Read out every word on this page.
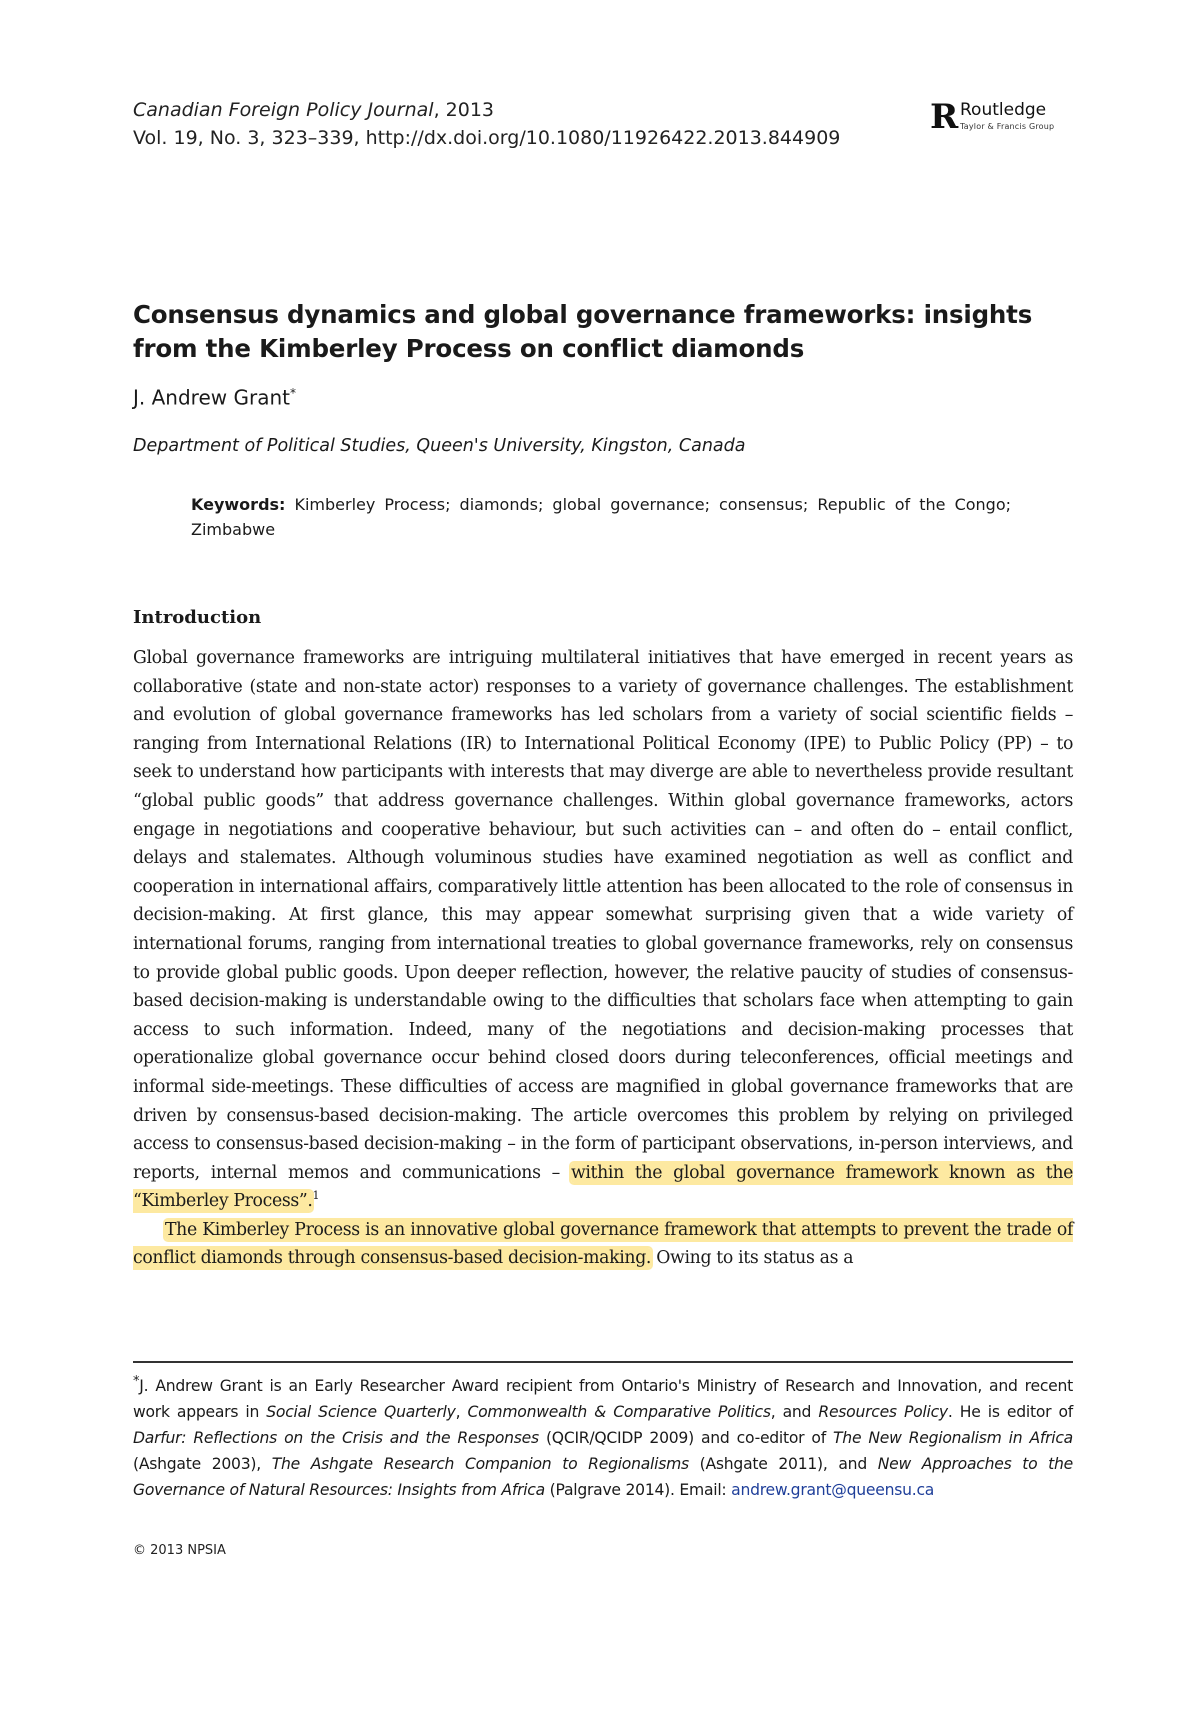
Canadian Foreign Policy Journal, 2013
Vol. 19, No. 3, 323–339, http://dx.doi.org/10.1080/11926422.2013.844909
R Routledge
Taylor & Francis Group
Consensus dynamics and global governance frameworks: insights from the Kimberley Process on conflict diamonds
J. Andrew Grant*
Department of Political Studies, Queen's University, Kingston, Canada
Keywords: Kimberley Process; diamonds; global governance; consensus; Republic of the Congo; Zimbabwe
Introduction

Global governance frameworks are intriguing multilateral initiatives that have emerged in recent years as collaborative (state and non-state actor) responses to a variety of governance challenges. The establishment and evolution of global governance frameworks has led scholars from a variety of social scientific fields – ranging from International Relations (IR) to International Political Economy (IPE) to Public Policy (PP) – to seek to understand how participants with interests that may diverge are able to nevertheless provide resultant “global public goods” that address governance challenges. Within global governance frameworks, actors engage in negotiations and cooperative behaviour, but such activities can – and often do – entail conflict, delays and stalemates. Although voluminous studies have examined negotiation as well as conflict and cooperation in international affairs, comparatively little attention has been allocated to the role of consensus in decision-making. At first glance, this may appear somewhat surprising given that a wide variety of international forums, ranging from international treaties to global governance frameworks, rely on consensus to provide global public goods. Upon deeper reflection, however, the relative paucity of studies of consensus-based decision-making is understandable owing to the difficulties that scholars face when attempting to gain access to such information. Indeed, many of the negotiations and decision-making processes that operationalize global governance occur behind closed doors during teleconferences, official meetings and informal side-meetings. These difficulties of access are magnified in global governance frameworks that are driven by consensus-based decision-making. The article overcomes this problem by relying on privileged access to consensus-based decision-making – in the form of participant observations, in-person interviews, and reports, internal memos and communications – within the global governance framework known as the “Kimberley Process”.$^1$

The Kimberley Process is an innovative global governance framework that attempts to prevent the trade of conflict diamonds through consensus-based decision-making. Owing to its status as a

*J. Andrew Grant is an Early Researcher Award recipient from Ontario's Ministry of Research and Innovation, and recent work appears in Social Science Quarterly, Commonwealth & Comparative Politics, and Resources Policy. He is editor of Darfur: Reflections on the Crisis and the Responses (QCIR/QCIDP 2009) and co-editor of The New Regionalism in Africa (Ashgate 2003), The Ashgate Research Companion to Regionalisms (Ashgate 2011), and New Approaches to the Governance of Natural Resources: Insights from Africa (Palgrave 2014). Email: andrew.grant@queensu.ca
© 2013 NPSIA
